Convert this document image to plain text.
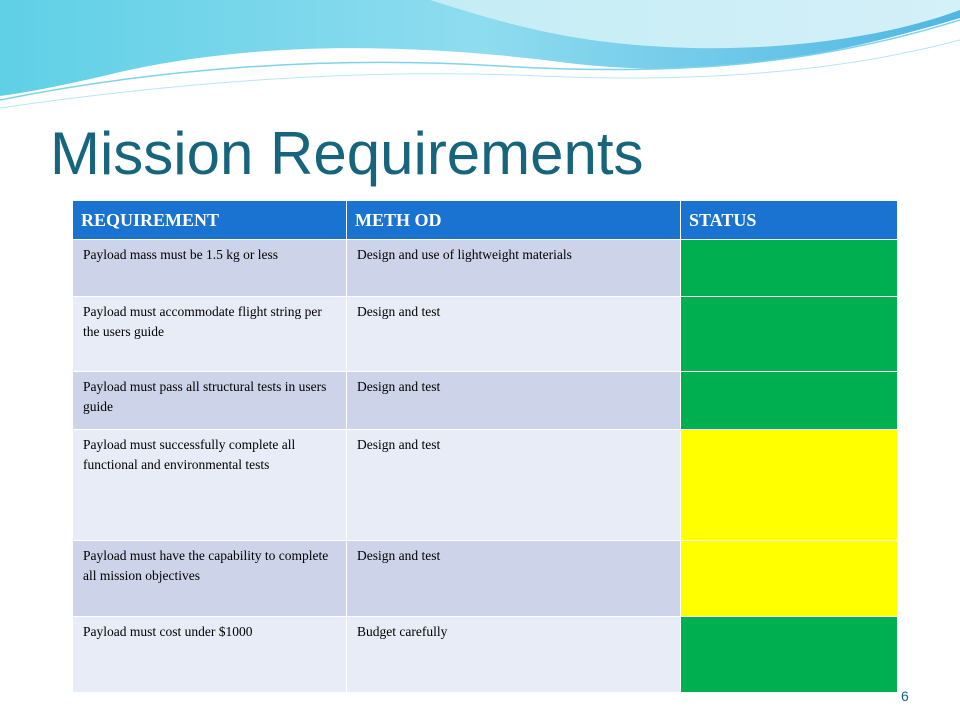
Mission Requirements
REQUIREMENT	METH OD	STATUS
Payload mass must be 1.5 kg or less	Design and use of lightweight materials	
Payload must accommodate flight string per the users guide	Design and test	
Payload must pass all structural tests in users guide	Design and test	
Payload must successfully complete all functional and environmental tests	Design and test	
Payload must have the capability to complete all mission objectives	Design and test	
Payload must cost under $1000	Budget carefully	
6
